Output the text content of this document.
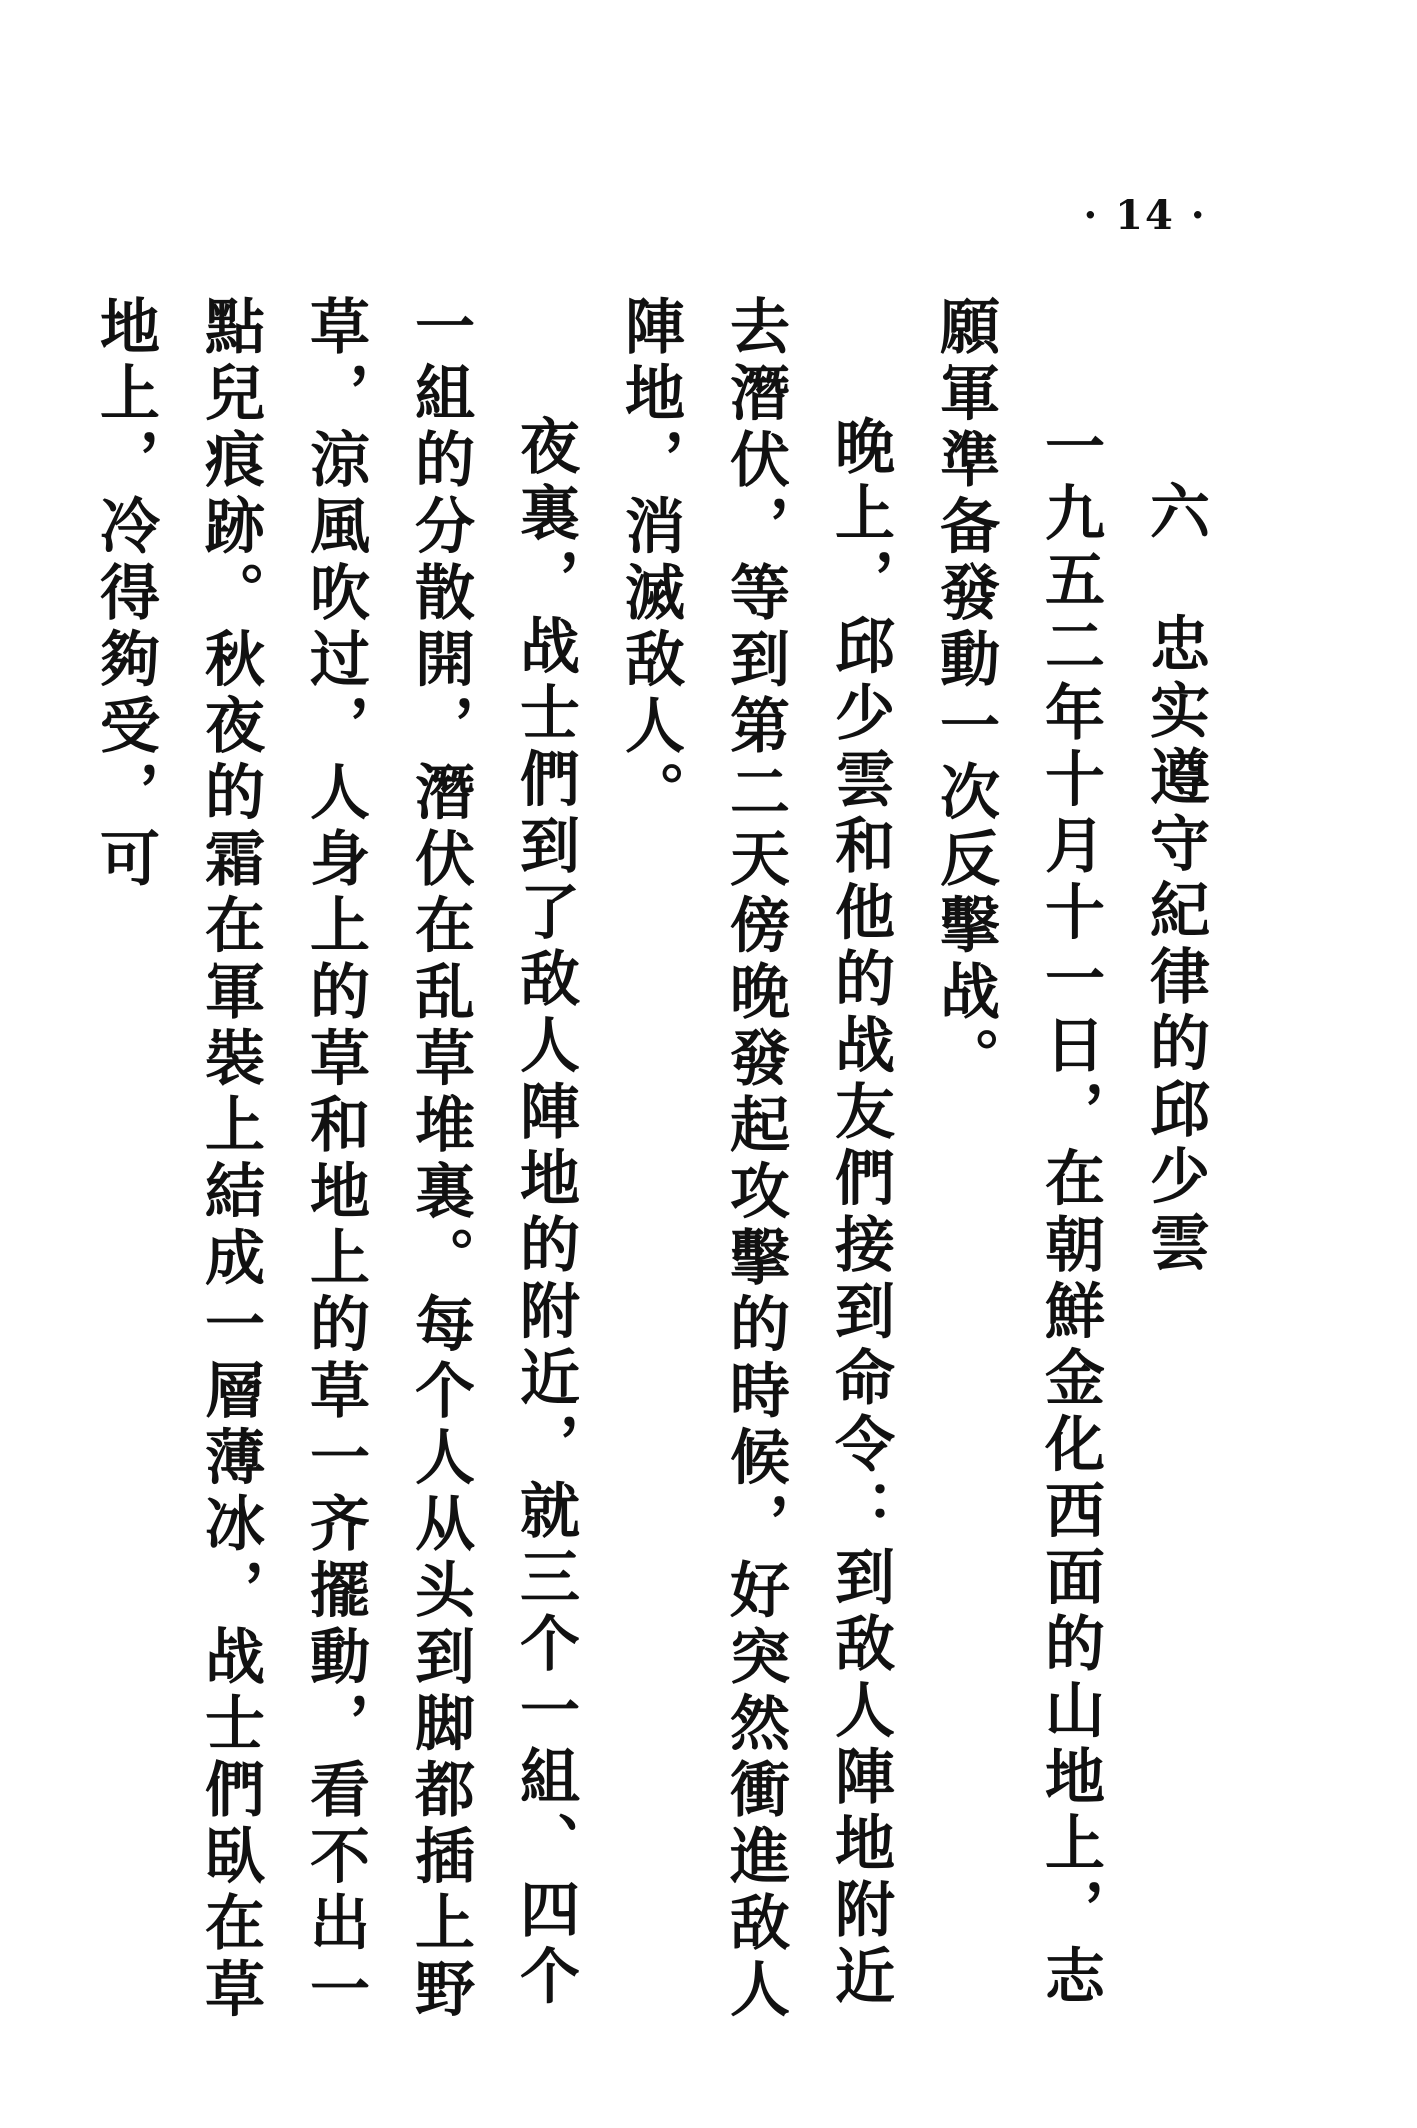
· 14 ·
六忠实遵守紀律的邱少雲

一九五二年十月十一日，在朝鮮金化西面的山地上，志願軍準备發動一次反擊战。

晚上，邱少雲和他的战友們接到命令：到敌人陣地附近去潛伏，等到第二天傍晚發起攻擊的時候，好突然衝進敌人陣地，消滅敌人。

夜裏，战士們到了敌人陣地的附近，就三个一組、四个一組的分散開，潛伏在乱草堆裏。每个人从头到脚都插上野草，涼風吹过，人身上的草和地上的草一齐擺動，看不出一點兒痕跡。秋夜的霜在軍裝上結成一層薄冰，战士們臥在草地上，冷得夠受，可
